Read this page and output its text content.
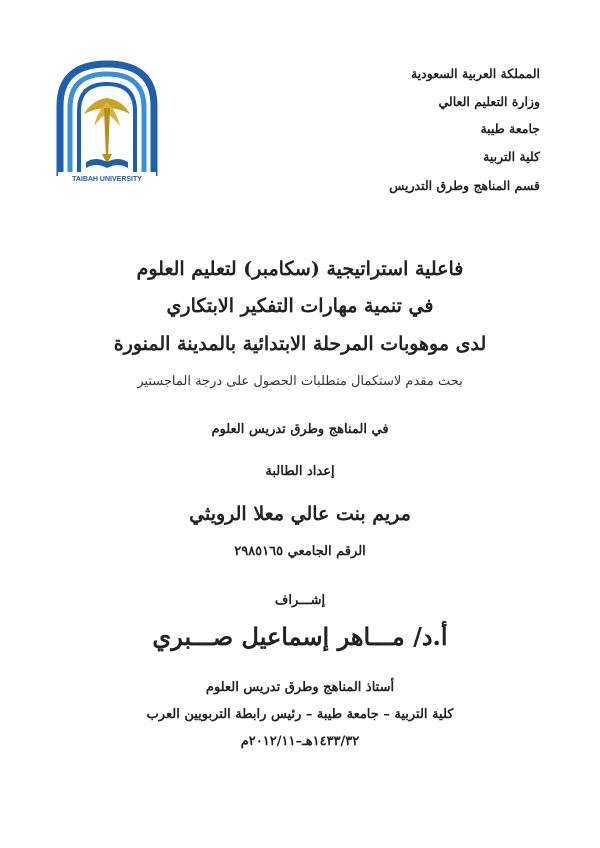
TAIBAH UNIVERSITY
المملكة العربية السعودية
وزارة التعليم العالي
جامعة طيبة
كلية التربية
قسم المناهج وطرق التدريس
فاعلية استراتيجية (سكامبر) لتعليم العلوم
في تنمية مهارات التفكير الابتكاري
لدى موهوبات المرحلة الابتدائية بالمدينة المنورة
بحث مقدم لاستكمال متطلبات الحصول على درجة الماجستير
في المناهج وطرق تدريس العلوم
إعداد الطالبة
مريم بنت عالي معلا الرويثي
الرقم الجامعي ٢٩٨٥١٦٥
إشـــراف
أ.د/ مـــاهر إسماعيل صـــبري
أستاذ المناهج وطرق تدريس العلوم
كلية التربية – جامعة طيبة – رئيس رابطة التربويين العرب
١٤٣٣/٣٢هـ–٢٠١٢/١١م
